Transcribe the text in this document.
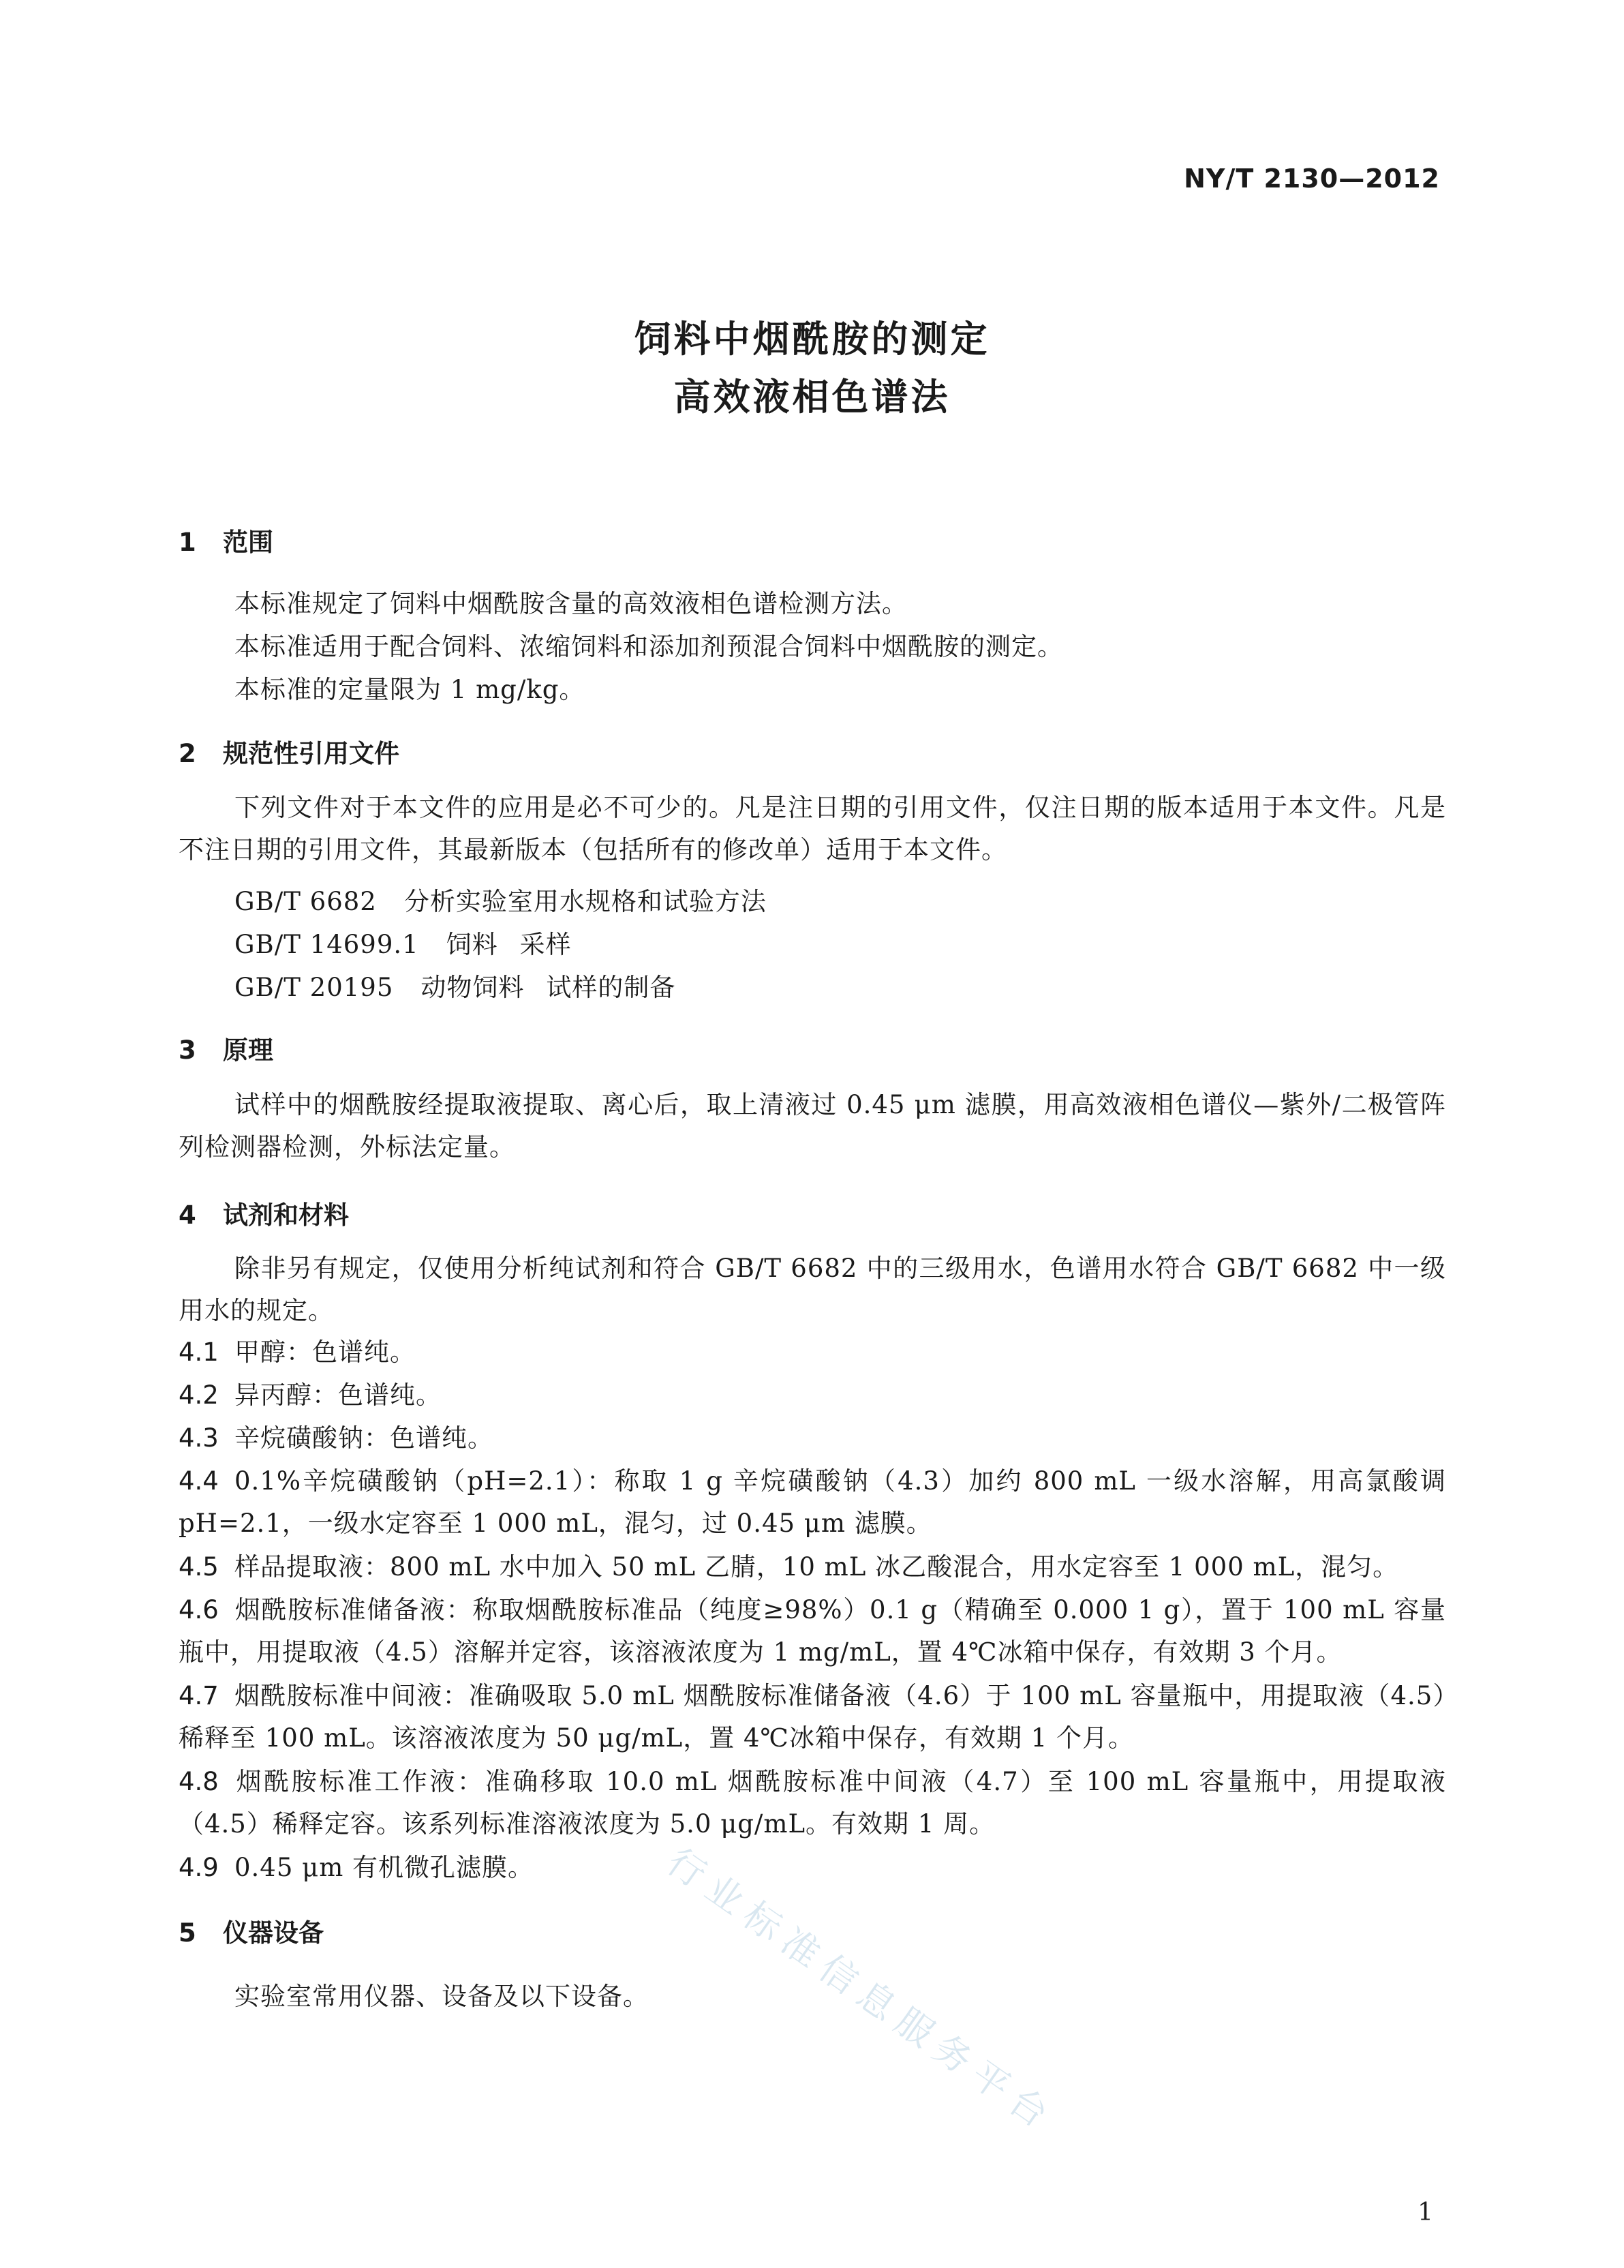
NY/T 2130—2012
饲料中烟酰胺的测定
高效液相色谱法
1 范围
本标准规定了饲料中烟酰胺含量的高效液相色谱检测方法。
本标准适用于配合饲料、浓缩饲料和添加剂预混合饲料中烟酰胺的测定。
本标准的定量限为 1 mg/kg。
2 规范性引用文件
下列文件对于本文件的应用是必不可少的。凡是注日期的引用文件，仅注日期的版本适用于本文件。凡是不注日期的引用文件，其最新版本（包括所有的修改单）适用于本文件。
GB/T 6682 分析实验室用水规格和试验方法
GB/T 14699.1 饲料 采样
GB/T 20195 动物饲料 试样的制备
3 原理
试样中的烟酰胺经提取液提取、离心后，取上清液过 0.45 μm 滤膜，用高效液相色谱仪—紫外/二极管阵列检测器检测，外标法定量。
4 试剂和材料
除非另有规定，仅使用分析纯试剂和符合 GB/T 6682 中的三级用水，色谱用水符合 GB/T 6682 中一级用水的规定。
4.1 甲醇：色谱纯。
4.2 异丙醇：色谱纯。
4.3 辛烷磺酸钠：色谱纯。
4.4 0.1%辛烷磺酸钠（pH=2.1）：称取 1 g 辛烷磺酸钠（4.3）加约 800 mL 一级水溶解，用高氯酸调 pH=2.1，一级水定容至 1 000 mL，混匀，过 0.45 μm 滤膜。
4.5 样品提取液：800 mL 水中加入 50 mL 乙腈，10 mL 冰乙酸混合，用水定容至 1 000 mL，混匀。
4.6 烟酰胺标准储备液：称取烟酰胺标准品（纯度≥98%）0.1 g（精确至 0.000 1 g），置于 100 mL 容量瓶中，用提取液（4.5）溶解并定容，该溶液浓度为 1 mg/mL，置 4℃冰箱中保存，有效期 3 个月。
4.7 烟酰胺标准中间液：准确吸取 5.0 mL 烟酰胺标准储备液（4.6）于 100 mL 容量瓶中，用提取液（4.5）稀释至 100 mL。该溶液浓度为 50 μg/mL，置 4℃冰箱中保存，有效期 1 个月。
4.8 烟酰胺标准工作液：准确移取 10.0 mL 烟酰胺标准中间液（4.7）至 100 mL 容量瓶中，用提取液（4.5）稀释定容。该系列标准溶液浓度为 5.0 μg/mL。有效期 1 周。
4.9 0.45 μm 有机微孔滤膜。
5 仪器设备
实验室常用仪器、设备及以下设备。 行业标准信息服务平台
1
